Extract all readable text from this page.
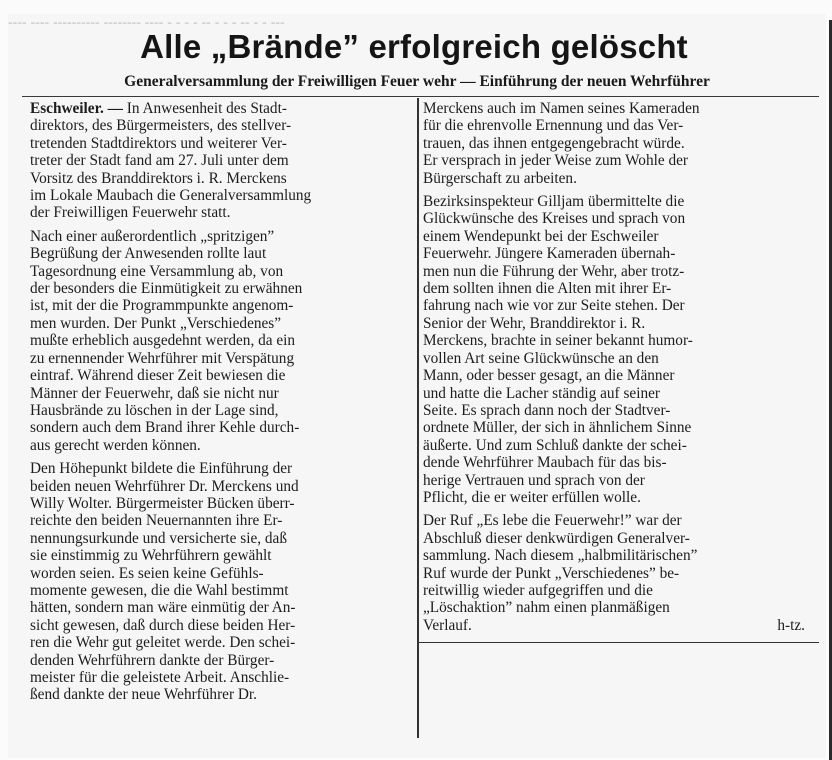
---- ---- ---------- -------- ---- - - - - -- - - - -- - - ---
Alle „Brände” erfolgreich gelöscht
Generalversammlung der Freiwilligen Feuer wehr — Einführung der neuen Wehrführer
Eschweiler. — In Anwesenheit des Stadt-
direktors, des Bürgermeisters, des stellver-
tretenden Stadtdirektors und weiterer Ver-
treter der Stadt fand am 27. Juli unter dem
Vorsitz des Branddirektors i. R. Merckens
im Lokale Maubach die Generalversammlung
der Freiwilligen Feuerwehr statt.
Nach einer außerordentlich „spritzigen”
Begrüßung der Anwesenden rollte laut
Tagesordnung eine Versammlung ab, von
der besonders die Einmütigkeit zu erwähnen
ist, mit der die Programmpunkte angenom-
men wurden. Der Punkt „Verschiedenes”
mußte erheblich ausgedehnt werden, da ein
zu ernennender Wehrführer mit Verspätung
eintraf. Während dieser Zeit bewiesen die
Männer der Feuerwehr, daß sie nicht nur
Hausbrände zu löschen in der Lage sind,
sondern auch dem Brand ihrer Kehle durch-
aus gerecht werden können.
Den Höhepunkt bildete die Einführung der
beiden neuen Wehrführer Dr. Merckens und
Willy Wolter. Bürgermeister Bücken überr-
reichte den beiden Neuernannten ihre Er-
nennungsurkunde und versicherte sie, daß
sie einstimmig zu Wehrführern gewählt
worden seien. Es seien keine Gefühls-
momente gewesen, die die Wahl bestimmt
hätten, sondern man wäre einmütig der An-
sicht gewesen, daß durch diese beiden Her-
ren die Wehr gut geleitet werde. Den schei-
denden Wehrführern dankte der Bürger-
meister für die geleistete Arbeit. Anschlie-
ßend dankte der neue Wehrführer Dr.
Merckens auch im Namen seines Kameraden
für die ehrenvolle Ernennung und das Ver-
trauen, das ihnen entgegengebracht würde.
Er versprach in jeder Weise zum Wohle der
Bürgerschaft zu arbeiten.
Bezirksinspekteur Gilljam übermittelte die
Glückwünsche des Kreises und sprach von
einem Wendepunkt bei der Eschweiler
Feuerwehr. Jüngere Kameraden übernah-
men nun die Führung der Wehr, aber trotz-
dem sollten ihnen die Alten mit ihrer Er-
fahrung nach wie vor zur Seite stehen. Der
Senior der Wehr, Branddirektor i. R.
Merckens, brachte in seiner bekannt humor-
vollen Art seine Glückwünsche an den
Mann, oder besser gesagt, an die Männer
und hatte die Lacher ständig auf seiner
Seite. Es sprach dann noch der Stadtver-
ordnete Müller, der sich in ähnlichem Sinne
äußerte. Und zum Schluß dankte der schei-
dende Wehrführer Maubach für das bis-
herige Vertrauen und sprach von der
Pflicht, die er weiter erfüllen wolle.
Der Ruf „Es lebe die Feuerwehr!” war der
Abschluß dieser denkwürdigen Generalver-
sammlung. Nach diesem „halbmilitärischen”
Ruf wurde der Punkt „Verschiedenes” be-
reitwillig wieder aufgegriffen und die
„Löschaktion” nahm einen planmäßigen
Verlauf.	h-tz.
